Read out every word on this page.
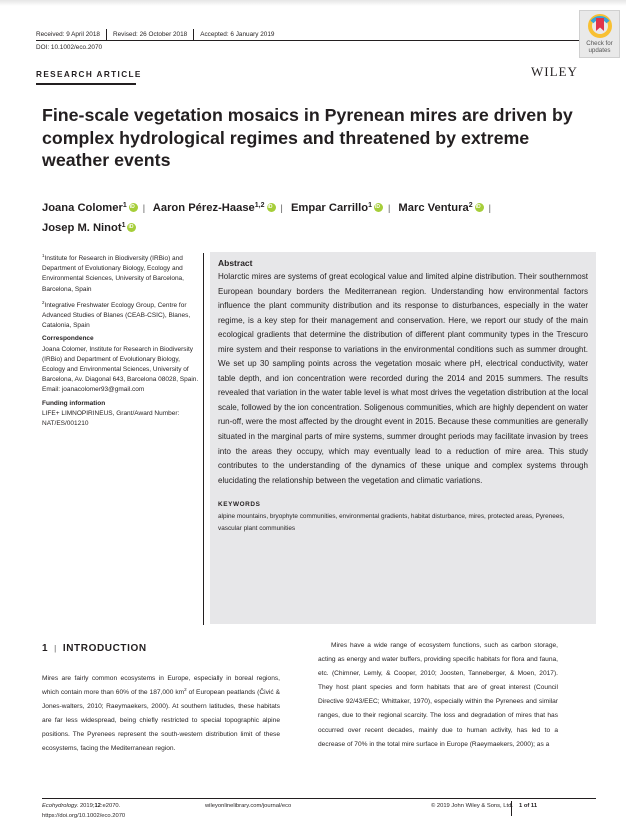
Received: 9 April 2018	Revised: 26 October 2018	Accepted: 6 January 2019
DOI: 10.1002/eco.2070
Check for
updates
RESEARCH ARTICLE	WILEY
Fine-scale vegetation mosaics in Pyrenean mires are driven by complex hydrological regimes and threatened by extreme weather events
Joana Colomer$^1$ iD | Aaron Pérez-Haase$^{1,2}$ iD | Empar Carrillo$^1$ iD | Marc Ventura$^2$ iD |
Josep M. Ninot$^1$iD

$^1$Institute for Research in Biodiversity (IRBio) and Department of Evolutionary Biology, Ecology and Environmental Sciences, University of Barcelona, Barcelona, Spain

$^2$Integrative Freshwater Ecology Group, Centre for Advanced Studies of Blanes (CEAB-CSIC), Blanes, Catalonia, Spain

Correspondence
Joana Colomer, Institute for Research in Biodiversity (IRBio) and Department of Evolutionary Biology, Ecology and Environmental Sciences, University of Barcelona, Av. Diagonal 643, Barcelona 08028, Spain.

Email: joanacolomer93@gmail.com

Funding information
LIFE+ LIMNOPIRINEUS, Grant/Award Number: NAT/ES/001210
Abstract

Holarctic mires are systems of great ecological value and limited alpine distribution. Their southernmost European boundary borders the Mediterranean region. Understanding how environmental factors influence the plant community distribution and its response to disturbances, especially in the water regime, is a key step for their management and conservation. Here, we report our study of the main ecological gradients that determine the distribution of different plant community types in the Trescuro mire system and their response to variations in the environmental conditions such as summer drought. We set up 30 sampling points across the vegetation mosaic where pH, electrical conductivity, water table depth, and ion concentration were recorded during the 2014 and 2015 summers. The results revealed that variation in the water table level is what most drives the vegetation distribution at the local scale, followed by the ion concentration. Soligenous communities, which are highly dependent on water run-off, were the most affected by the drought event in 2015. Because these communities are generally situated in the marginal parts of mire systems, summer drought periods may facilitate invasion by trees into the areas they occupy, which may eventually lead to a reduction of mire area. This study contributes to the understanding of the dynamics of these unique and complex systems through elucidating the relationship between the vegetation and climatic variations.

KEYWORDS

alpine mountains, bryophyte communities, environmental gradients, habitat disturbance, mires, protected areas, Pyrenees, vascular plant communities

1 | INTRODUCTION

Mires are fairly common ecosystems in Europe, especially in boreal regions, which contain more than 60% of the 187,000 $km^2$ of European peatlands (Čivić & Jones-walters, 2010; Raeymaekers, 2000). At southern latitudes, these habitats are far less widespread, being chiefly restricted to special topographic alpine positions. The Pyrenees represent the south-western distribution limit of these ecosystems, facing the Mediterranean region.

Mires have a wide range of ecosystem functions, such as carbon storage, acting as energy and water buffers, providing specific habitats for flora and fauna, etc. (Chimner, Lemly, & Cooper, 2010; Joosten, Tanneberger, & Moen, 2017). They host plant species and form habitats that are of great interest (Council Directive 92/43/EEC; Whittaker, 1970), especially within the Pyrenees and similar ranges, due to their regional scarcity. The loss and degradation of mires that has occurred over recent decades, mainly due to human activity, has led to a decrease of 70% in the total mire surface in Europe (Raeymaekers, 2000); as a

Ecohydrology. 2019;12:e2070.
https://doi.org/10.1002/eco.2070
wileyonlinelibrary.com/journal/eco	© 2019 John Wiley & Sons, Ltd.	1 of 11
